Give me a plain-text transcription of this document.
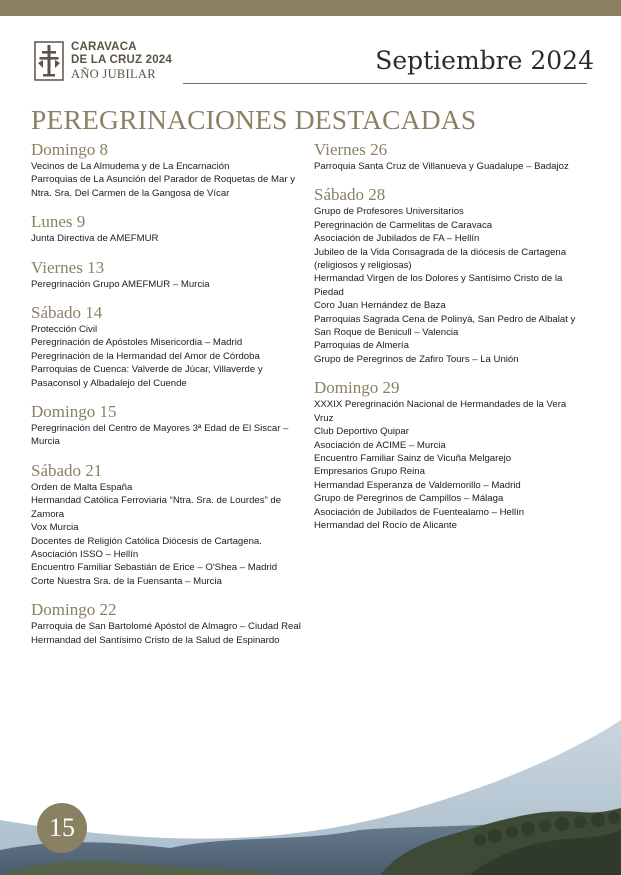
CARAVACA
DE LA CRUZ 2024
AÑO JUBILAR	Septiembre 2024
PEREGRINACIONES DESTACADAS
Domingo 8
Vecinos de La Almudema y de La Encarnación
Parroquias de La Asunción del Parador de Roquetas de Mar y Ntra. Sra. Del Carmen de la Gangosa de Vícar
Lunes 9
Junta Directiva de AMEFMUR
Viernes 13
Peregrinación Grupo AMEFMUR – Murcia
Sábado 14
Protección Civil
Peregrinación de Apóstoles Misericordia – Madrid
Peregrinación de la Hermandad del Amor de Córdoba
Parroquias de Cuenca: Valverde de Júcar, Villaverde y Pasaconsol y Albadalejo del Cuende
Domingo 15
Peregrinación del Centro de Mayores 3ª Edad de El Siscar – Murcia
Sábado 21
Orden de Malta España
Hermandad Católica Ferroviaria “Ntra. Sra. de Lourdes” de Zamora
Vox Murcia
Docentes de Religión Católica Diócesis de Cartagena.
Asociación ISSO – Hellín
Encuentro Familiar Sebastián de Erice – O'Shea – Madrid
Corte Nuestra Sra. de la Fuensanta – Murcia
Domingo 22
Parroquia de San Bartolomé Apóstol de Almagro – Ciudad Real
Hermandad del Santísimo Cristo de la Salud de Espinardo
Viernes 26
Parroquia Santa Cruz de Villanueva y Guadalupe – Badajoz
Sábado 28
Grupo de Profesores Universitarios
Peregrinación de Carmelitas de Caravaca
Asociación de Jubilados de FA – Hellín
Jubileo de la Vida Consagrada de la diócesis de Cartagena (religiosos y religiosas)
Hermandad Virgen de los Dolores y Santísimo Cristo de la Piedad
Coro Juan Hernández de Baza
Parroquias Sagrada Cena de Polinyà, San Pedro de Albalat y San Roque de Benicull – Valencia
Parroquias de Almería
Grupo de Peregrinos de Zafiro Tours – La Unión
Domingo 29
XXXIX Peregrinación Nacional de Hermandades de la Vera Vruz
Club Deportivo Quipar
Asociación de ACIME – Murcia
Encuentro Familiar Sainz de Vicuña Melgarejo
Empresarios Grupo Reina
Hermandad Esperanza de Valdemorillo – Madrid
Grupo de Peregrinos de Campillos – Málaga
Asociación de Jubilados de Fuentealamo – Hellín
Hermandad del Rocío de Alicante
15
